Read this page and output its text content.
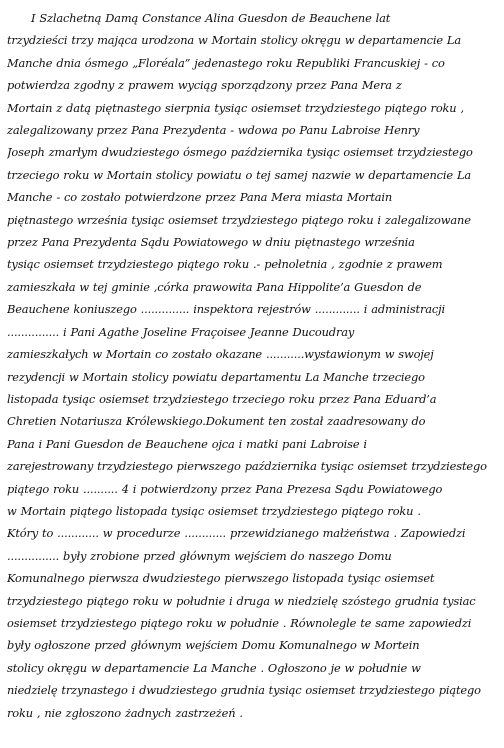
I Szlachetną Damą Constance Alina Guesdon de Beauchene lat
trzydzieści trzy mająca urodzona w Mortain stolicy okręgu w departamencie La
Manche dnia ósmego „Floréala” jedenastego roku Republiki Francuskiej - co
potwierdza zgodny z prawem wyciąg sporządzony przez Pana Mera z
Mortain z datą piętnastego sierpnia tysiąc osiemset trzydziestego piątego roku ,
zalegalizowany przez Pana Prezydenta - wdowa po Panu Labroise Henry
Joseph zmarłym dwudziestego ósmego października tysiąc osiemset trzydziestego
trzeciego roku w Mortain stolicy powiatu o tej samej nazwie w departamencie La
Manche - co zostało potwierdzone przez Pana Mera miasta Mortain
piętnastego września tysiąc osiemset trzydziestego piątego roku i zalegalizowane
przez Pana Prezydenta Sądu Powiatowego w dniu piętnastego września
tysiąc osiemset trzydziestego piątego roku .- pełnoletnia , zgodnie z prawem
zamieszkała w tej gminie ,córka prawowita Pana Hippolite’a Guesdon de
Beauchene koniuszego .............. inspektora rejestrów ............. i administracji
............... i Pani Agathe Joseline Fraçoisee Jeanne Ducoudray
zamieszkałych w Mortain co zostało okazane ...........wystawionym w swojej
rezydencji w Mortain stolicy powiatu departamentu La Manche trzeciego
listopada tysiąc osiemset trzydziestego trzeciego roku przez Pana Eduard’a
Chretien Notariusza Królewskiego.Dokument ten został zaadresowany do
Pana i Pani Guesdon de Beauchene ojca i matki pani Labroise i
zarejestrowany trzydziestego pierwszego października tysiąc osiemset trzydziestego
piątego roku .......... 4 i potwierdzony przez Pana Prezesa Sądu Powiatowego
w Mortain piątego listopada tysiąc osiemset trzydziestego piątego roku .
Który to ............ w procedurze ............ przewidzianego małżeństwa . Zapowiedzi
............... były zrobione przed głównym wejściem do naszego Domu
Komunalnego pierwsza dwudziestego pierwszego listopada tysiąc osiemset
trzydziestego piątego roku w południe i druga w niedzielę szóstego grudnia tysiac
osiemset trzydziestego piątego roku w południe . Równolegle te same zapowiedzi
były ogłoszone przed głównym wejściem Domu Komunalnego w Mortein
stolicy okręgu w departamencie La Manche . Ogłoszono je w południe w
niedzielę trzynastego i dwudziestego grudnia tysiąc osiemset trzydziestego piątego
roku , nie zgłoszono żadnych zastrzeżeń .
